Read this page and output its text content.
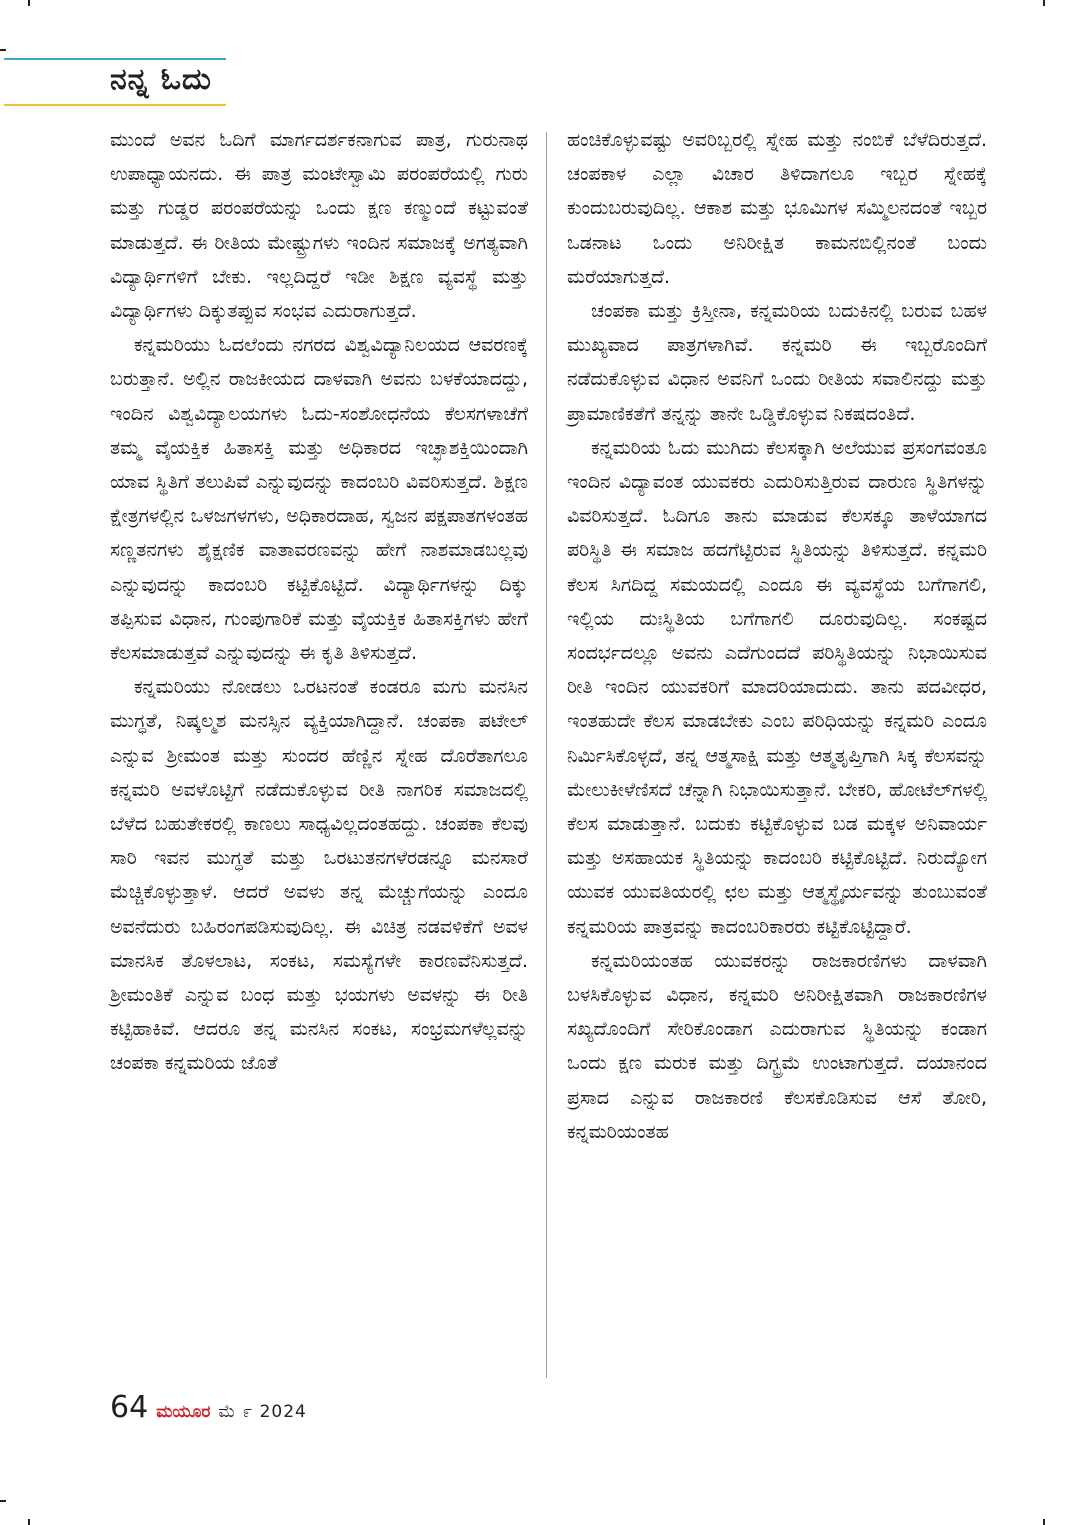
ನನ್ನ ಓದು

ಮುಂದೆ ಅವನ ಓದಿಗೆ ಮಾರ್ಗದರ್ಶಕನಾಗುವ ಪಾತ್ರ, ಗುರುನಾಥ ಉಪಾಧ್ಯಾಯನದು. ಈ ಪಾತ್ರ ಮಂಟೇಸ್ವಾಮಿ ಪರಂಪರೆಯಲ್ಲಿ ಗುರು ಮತ್ತು ಗುಡ್ಡರ ಪರಂಪರೆಯನ್ನು ಒಂದು ಕ್ಷಣ ಕಣ್ಮುಂದೆ ಕಟ್ಟುವಂತೆ ಮಾಡುತ್ತದೆ. ಈ ರೀತಿಯ ಮೇಷ್ಟ್ರುಗಳು ಇಂದಿನ ಸಮಾಜಕ್ಕೆ ಅಗತ್ಯವಾಗಿ ವಿದ್ಯಾರ್ಥಿಗಳಿಗೆ ಬೇಕು. ಇಲ್ಲದಿದ್ದರೆ ಇಡೀ ಶಿಕ್ಷಣ ವ್ಯವಸ್ಥೆ ಮತ್ತು ವಿದ್ಯಾರ್ಥಿಗಳು ದಿಕ್ಕುತಪ್ಪುವ ಸಂಭವ ಎದುರಾಗುತ್ತದೆ.

ಕನ್ನಮರಿಯು ಓದಲೆಂದು ನಗರದ ವಿಶ್ವವಿದ್ಯಾನಿಲಯದ ಆವರಣಕ್ಕೆ ಬರುತ್ತಾನೆ. ಅಲ್ಲಿನ ರಾಜಕೀಯದ ದಾಳವಾಗಿ ಅವನು ಬಳಕೆಯಾದದ್ದು, ಇಂದಿನ ವಿಶ್ವವಿದ್ಯಾಲಯಗಳು ಓದು-ಸಂಶೋಧನೆಯ ಕೆಲಸಗಳಾಚೆಗೆ ತಮ್ಮ ವೈಯಕ್ತಿಕ ಹಿತಾಸಕ್ತಿ ಮತ್ತು ಅಧಿಕಾರದ ಇಚ್ಛಾಶಕ್ತಿಯಿಂದಾಗಿ ಯಾವ ಸ್ಥಿತಿಗೆ ತಲುಪಿವೆ ಎನ್ನುವುದನ್ನು ಕಾದಂಬರಿ ವಿವರಿಸುತ್ತದೆ. ಶಿಕ್ಷಣ ಕ್ಷೇತ್ರಗಳಲ್ಲಿನ ಒಳಜಗಳಗಳು, ಅಧಿಕಾರದಾಹ, ಸ್ವಜನ ಪಕ್ಷಪಾತಗಳಂತಹ ಸಣ್ಣತನಗಳು ಶೈಕ್ಷಣಿಕ ವಾತಾವರಣವನ್ನು ಹೇಗೆ ನಾಶಮಾಡಬಲ್ಲವು ಎನ್ನುವುದನ್ನು ಕಾದಂಬರಿ ಕಟ್ಟಿಕೊಟ್ಟಿದೆ. ವಿದ್ಯಾರ್ಥಿಗಳನ್ನು ದಿಕ್ಕು ತಪ್ಪಿಸುವ ವಿಧಾನ, ಗುಂಪುಗಾರಿಕೆ ಮತ್ತು ವೈಯಕ್ತಿಕ ಹಿತಾಸಕ್ತಿಗಳು ಹೇಗೆ ಕೆಲಸಮಾಡುತ್ತವೆ ಎನ್ನುವುದನ್ನು ಈ ಕೃತಿ ತಿಳಿಸುತ್ತದೆ.

ಕನ್ನಮರಿಯು ನೋಡಲು ಒರಟನಂತೆ ಕಂಡರೂ ಮಗು ಮನಸಿನ ಮುಗ್ಧತೆ, ನಿಷ್ಕಲ್ಮಶ ಮನಸ್ಸಿನ ವ್ಯಕ್ತಿಯಾಗಿದ್ದಾನೆ. ಚಂಪಕಾ ಪಟೇಲ್ ಎನ್ನುವ ಶ್ರೀಮಂತ ಮತ್ತು ಸುಂದರ ಹೆಣ್ಣಿನ ಸ್ನೇಹ ದೊರೆತಾಗಲೂ ಕನ್ನಮರಿ ಅವಳೊಟ್ಟಿಗೆ ನಡೆದುಕೊಳ್ಳುವ ರೀತಿ ನಾಗರಿಕ ಸಮಾಜದಲ್ಲಿ ಬೆಳೆದ ಬಹುತೇಕರಲ್ಲಿ ಕಾಣಲು ಸಾಧ್ಯವಿಲ್ಲದಂತಹದ್ದು. ಚಂಪಕಾ ಕೆಲವು ಸಾರಿ ಇವನ ಮುಗ್ಧತೆ ಮತ್ತು ಒರಟುತನಗಳೆರಡನ್ನೂ ಮನಸಾರೆ ಮೆಚ್ಚಿಕೊಳ್ಳುತ್ತಾಳೆ. ಆದರೆ ಅವಳು ತನ್ನ ಮೆಚ್ಚುಗೆಯನ್ನು ಎಂದೂ ಅವನೆದುರು ಬಹಿರಂಗಪಡಿಸುವುದಿಲ್ಲ. ಈ ವಿಚಿತ್ರ ನಡವಳಿಕೆಗೆ ಅವಳ ಮಾನಸಿಕ ತೊಳಲಾಟ, ಸಂಕಟ, ಸಮಸ್ಯೆಗಳೇ ಕಾರಣವೆನಿಸುತ್ತದೆ. ಶ್ರೀಮಂತಿಕೆ ಎನ್ನುವ ಬಂಧ ಮತ್ತು ಭಯಗಳು ಅವಳನ್ನು ಈ ರೀತಿ ಕಟ್ಟಿಹಾಕಿವೆ. ಆದರೂ ತನ್ನ ಮನಸಿನ ಸಂಕಟ, ಸಂಭ್ರಮಗಳೆಲ್ಲವನ್ನು ಚಂಪಕಾ ಕನ್ನಮರಿಯ ಜೊತೆ

ಹಂಚಿಕೊಳ್ಳುವಷ್ಟು ಅವರಿಬ್ಬರಲ್ಲಿ ಸ್ನೇಹ ಮತ್ತು ನಂಬಿಕೆ ಬೆಳೆದಿರುತ್ತದೆ. ಚಂಪಕಾಳ ಎಲ್ಲಾ ವಿಚಾರ ತಿಳಿದಾಗಲೂ ಇಬ್ಬರ ಸ್ನೇಹಕ್ಕೆ ಕುಂದುಬರುವುದಿಲ್ಲ. ಆಕಾಶ ಮತ್ತು ಭೂಮಿಗಳ ಸಮ್ಮಿಲನದಂತೆ ಇಬ್ಬರ ಒಡನಾಟ ಒಂದು ಅನಿರೀಕ್ಷಿತ ಕಾಮನಬಿಲ್ಲಿನಂತೆ ಬಂದು ಮರೆಯಾಗುತ್ತದೆ.

ಚಂಪಕಾ ಮತ್ತು ಕ್ರಿಸ್ತೀನಾ, ಕನ್ನಮರಿಯ ಬದುಕಿನಲ್ಲಿ ಬರುವ ಬಹಳ ಮುಖ್ಯವಾದ ಪಾತ್ರಗಳಾಗಿವೆ. ಕನ್ನಮರಿ ಈ ಇಬ್ಬರೊಂದಿಗೆ ನಡೆದುಕೊಳ್ಳುವ ವಿಧಾನ ಅವನಿಗೆ ಒಂದು ರೀತಿಯ ಸವಾಲಿನದ್ದು ಮತ್ತು ಪ್ರಾಮಾಣಿಕತೆಗೆ ತನ್ನನ್ನು ತಾನೇ ಒಡ್ಡಿಕೊಳ್ಳುವ ನಿಕಷದಂತಿದೆ.

ಕನ್ನಮರಿಯ ಓದು ಮುಗಿದು ಕೆಲಸಕ್ಕಾಗಿ ಅಲೆಯುವ ಪ್ರಸಂಗವಂತೂ ಇಂದಿನ ವಿದ್ಯಾವಂತ ಯುವಕರು ಎದುರಿಸುತ್ತಿರುವ ದಾರುಣ ಸ್ಥಿತಿಗಳನ್ನು ವಿವರಿಸುತ್ತದೆ. ಓದಿಗೂ ತಾನು ಮಾಡುವ ಕೆಲಸಕ್ಕೂ ತಾಳೆಯಾಗದ ಪರಿಸ್ಥಿತಿ ಈ ಸಮಾಜ ಹದಗೆಟ್ಟಿರುವ ಸ್ಥಿತಿಯನ್ನು ತಿಳಿಸುತ್ತದೆ. ಕನ್ನಮರಿ ಕೆಲಸ ಸಿಗದಿದ್ದ ಸಮಯದಲ್ಲಿ ಎಂದೂ ಈ ವ್ಯವಸ್ಥೆಯ ಬಗೆಗಾಗಲಿ, ಇಲ್ಲಿಯ ದುಃಸ್ಥಿತಿಯ ಬಗೆಗಾಗಲಿ ದೂರುವುದಿಲ್ಲ. ಸಂಕಷ್ಟದ ಸಂದರ್ಭದಲ್ಲೂ ಅವನು ಎದೆಗುಂದದೆ ಪರಿಸ್ಥಿತಿಯನ್ನು ನಿಭಾಯಿಸುವ ರೀತಿ ಇಂದಿನ ಯುವಕರಿಗೆ ಮಾದರಿಯಾದುದು. ತಾನು ಪದವೀಧರ, ಇಂತಹುದೇ ಕೆಲಸ ಮಾಡಬೇಕು ಎಂಬ ಪರಿಧಿಯನ್ನು ಕನ್ನಮರಿ ಎಂದೂ ನಿರ್ಮಿಸಿಕೊಳ್ಳದೆ, ತನ್ನ ಆತ್ಮಸಾಕ್ಷಿ ಮತ್ತು ಆತ್ಮತೃಪ್ತಿಗಾಗಿ ಸಿಕ್ಕ ಕೆಲಸವನ್ನು ಮೇಲುಕೀಳೆಣಿಸದೆ ಚೆನ್ನಾಗಿ ನಿಭಾಯಿಸುತ್ತಾನೆ. ಬೇಕರಿ, ಹೋಟೆಲ್‌ಗಳಲ್ಲಿ ಕೆಲಸ ಮಾಡುತ್ತಾನೆ. ಬದುಕು ಕಟ್ಟಿಕೊಳ್ಳುವ ಬಡ ಮಕ್ಕಳ ಅನಿವಾರ್ಯ ಮತ್ತು ಅಸಹಾಯಕ ಸ್ಥಿತಿಯನ್ನು ಕಾದಂಬರಿ ಕಟ್ಟಿಕೊಟ್ಟಿದೆ. ನಿರುದ್ಯೋಗ ಯುವಕ ಯುವತಿಯರಲ್ಲಿ ಛಲ ಮತ್ತು ಆತ್ಮಸ್ಥೈರ್ಯವನ್ನು ತುಂಬುವಂತೆ ಕನ್ನಮರಿಯ ಪಾತ್ರವನ್ನು ಕಾದಂಬರಿಕಾರರು ಕಟ್ಟಿಕೊಟ್ಟಿದ್ದಾರೆ.

ಕನ್ನಮರಿಯಂತಹ ಯುವಕರನ್ನು ರಾಜಕಾರಣಿಗಳು ದಾಳವಾಗಿ ಬಳಸಿಕೊಳ್ಳುವ ವಿಧಾನ, ಕನ್ನಮರಿ ಅನಿರೀಕ್ಷಿತವಾಗಿ ರಾಜಕಾರಣಿಗಳ ಸಖ್ಯದೊಂದಿಗೆ ಸೇರಿಕೊಂಡಾಗ ಎದುರಾಗುವ ಸ್ಥಿತಿಯನ್ನು ಕಂಡಾಗ ಒಂದು ಕ್ಷಣ ಮರುಕ ಮತ್ತು ದಿಗ್ಭ್ರಮೆ ಉಂಟಾಗುತ್ತದೆ. ದಯಾನಂದ ಪ್ರಸಾದ ಎನ್ನುವ ರಾಜಕಾರಣಿ ಕೆಲಸಕೊಡಿಸುವ ಆಸೆ ತೋರಿ, ಕನ್ನಮರಿಯಂತಹ

64 ಮಯೂರ ಮೆ ೯ 2024
